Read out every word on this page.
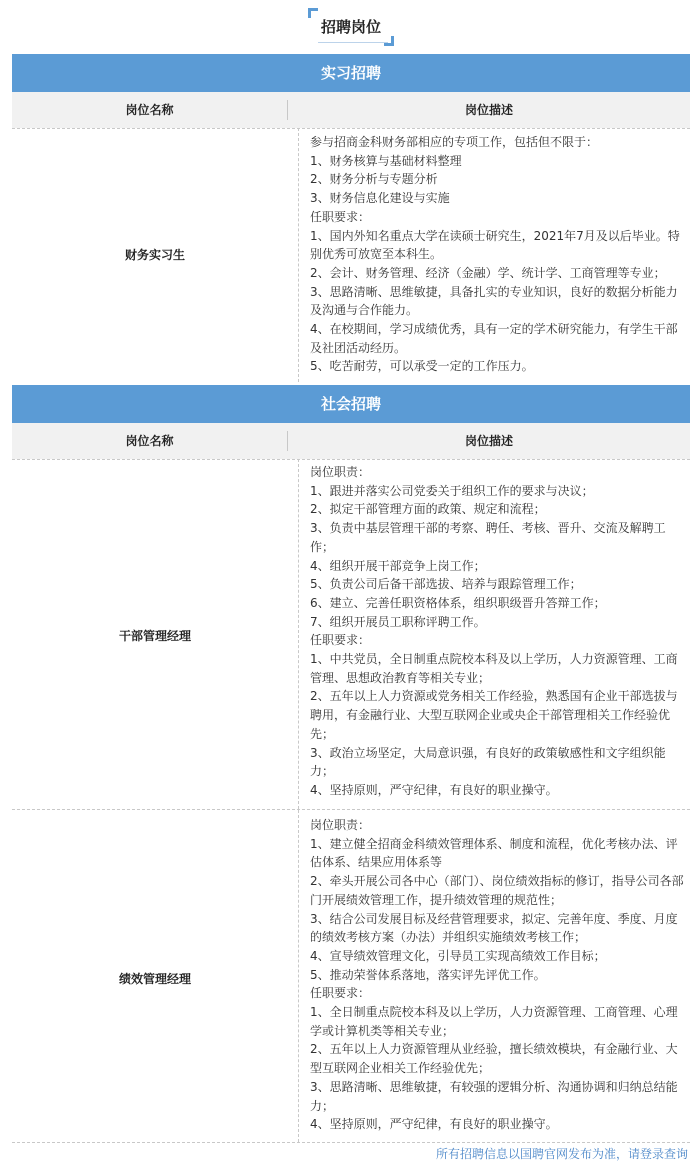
招聘岗位
实习招聘
岗位名称	岗位描述
财务实习生
参与招商金科财务部相应的专项工作，包括但不限于：
1、财务核算与基础材料整理
2、财务分析与专题分析
3、财务信息化建设与实施
任职要求：
1、国内外知名重点大学在读硕士研究生，2021年7月及以后毕业。特别优秀可放宽至本科生。
2、会计、财务管理、经济（金融）学、统计学、工商管理等专业；
3、思路清晰、思维敏捷，具备扎实的专业知识，良好的数据分析能力及沟通与合作能力。
4、在校期间，学习成绩优秀，具有一定的学术研究能力，有学生干部及社团活动经历。
5、吃苦耐劳，可以承受一定的工作压力。
社会招聘
岗位名称	岗位描述
干部管理经理
岗位职责：
1、跟进并落实公司党委关于组织工作的要求与决议；
2、拟定干部管理方面的政策、规定和流程；
3、负责中基层管理干部的考察、聘任、考核、晋升、交流及解聘工作；
4、组织开展干部竞争上岗工作；
5、负责公司后备干部选拔、培养与跟踪管理工作；
6、建立、完善任职资格体系，组织职级晋升答辩工作；
7、组织开展员工职称评聘工作。
任职要求：
1、中共党员，全日制重点院校本科及以上学历，人力资源管理、工商管理、思想政治教育等相关专业；
2、五年以上人力资源或党务相关工作经验，熟悉国有企业干部选拔与聘用，有金融行业、大型互联网企业或央企干部管理相关工作经验优先；
3、政治立场坚定，大局意识强，有良好的政策敏感性和文字组织能力；
4、坚持原则，严守纪律，有良好的职业操守。
绩效管理经理
岗位职责：
1、建立健全招商金科绩效管理体系、制度和流程，优化考核办法、评估体系、结果应用体系等
2、牵头开展公司各中心（部门）、岗位绩效指标的修订，指导公司各部门开展绩效管理工作，提升绩效管理的规范性；
3、结合公司发展目标及经营管理要求，拟定、完善年度、季度、月度的绩效考核方案（办法）并组织实施绩效考核工作；
4、宣导绩效管理文化，引导员工实现高绩效工作目标；
5、推动荣誉体系落地，落实评先评优工作。
任职要求：
1、全日制重点院校本科及以上学历，人力资源管理、工商管理、心理学或计算机类等相关专业；
2、五年以上人力资源管理从业经验，擅长绩效模块，有金融行业、大型互联网企业相关工作经验优先；
3、思路清晰、思维敏捷，有较强的逻辑分析、沟通协调和归纳总结能力；
4、坚持原则，严守纪律，有良好的职业操守。
所有招聘信息以国聘官网发布为准，请登录查询
